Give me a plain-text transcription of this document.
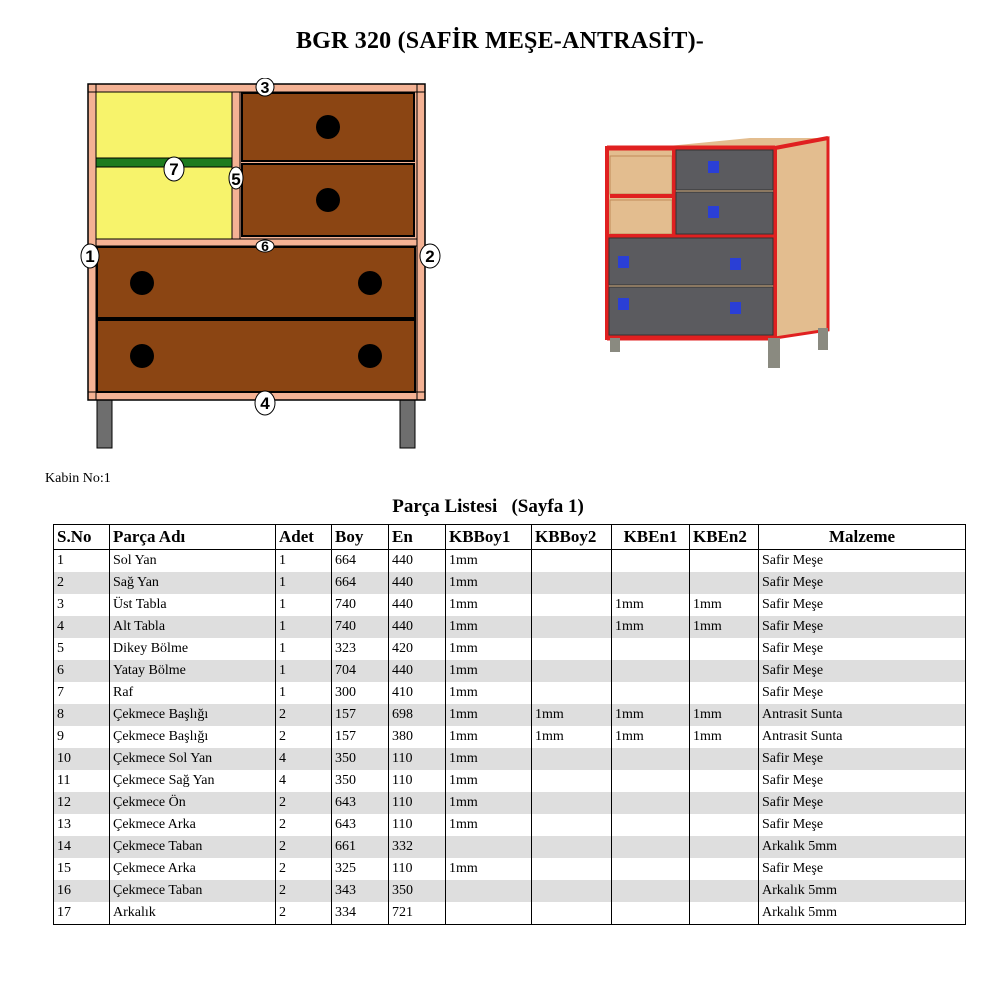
BGR 320 (SAFİR MEŞE-ANTRASİT)-
3
7
5
6
1	2
4
Kabin No:1
Parça Listesi   (Sayfa 1)
S.No	Parça Adı	Adet	Boy	En	KBBoy1	KBBoy2	KBEn1	KBEn2	Malzeme
1	Sol Yan	1	664	440	1mm				Safir Meşe
2	Sağ Yan	1	664	440	1mm				Safir Meşe
3	Üst Tabla	1	740	440	1mm		1mm	1mm	Safir Meşe
4	Alt Tabla	1	740	440	1mm		1mm	1mm	Safir Meşe
5	Dikey Bölme	1	323	420	1mm				Safir Meşe
6	Yatay Bölme	1	704	440	1mm				Safir Meşe
7	Raf	1	300	410	1mm				Safir Meşe
8	Çekmece Başlığı	2	157	698	1mm	1mm	1mm	1mm	Antrasit Sunta
9	Çekmece Başlığı	2	157	380	1mm	1mm	1mm	1mm	Antrasit Sunta
10	Çekmece Sol Yan	4	350	110	1mm				Safir Meşe
11	Çekmece Sağ Yan	4	350	110	1mm				Safir Meşe
12	Çekmece Ön	2	643	110	1mm				Safir Meşe
13	Çekmece Arka	2	643	110	1mm				Safir Meşe
14	Çekmece Taban	2	661	332					Arkalık 5mm
15	Çekmece Arka	2	325	110	1mm				Safir Meşe
16	Çekmece Taban	2	343	350					Arkalık 5mm
17	Arkalık	2	334	721					Arkalık 5mm
